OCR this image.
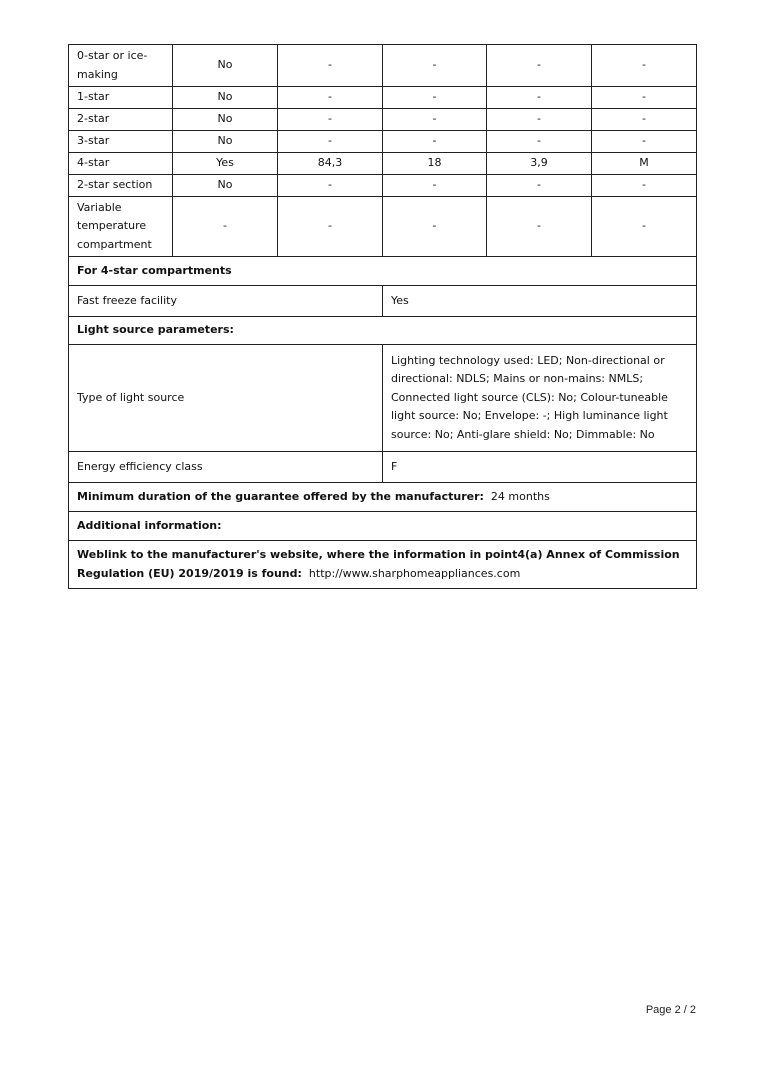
0-star or ice-making	No	-	-	-	-
1-star	No	-	-	-	-
2-star	No	-	-	-	-
3-star	No	-	-	-	-
4-star	Yes	84,3	18	3,9	M
2-star section	No	-	-	-	-
Variable temperature compartment	-	-	-	-	-
For 4-star compartments					
Fast freeze facility			Yes		
Light source parameters:					
Type of light source			Lighting technology used: LED; Non-directional or directional: NDLS; Mains or non-mains: NMLS; Connected light source (CLS): No; Colour-tuneable light source: No; Envelope: -; High luminance light source: No; Anti-glare shield: No; Dimmable: No		
Energy efficiency class			F		
Minimum duration of the guarantee offered by the manufacturer: 24 months					
Additional information:					
Weblink to the manufacturer's website, where the information in point4(a) Annex of Commission Regulation (EU) 2019/2019 is found: http://www.sharphomeappliances.com					
Page 2 / 2
